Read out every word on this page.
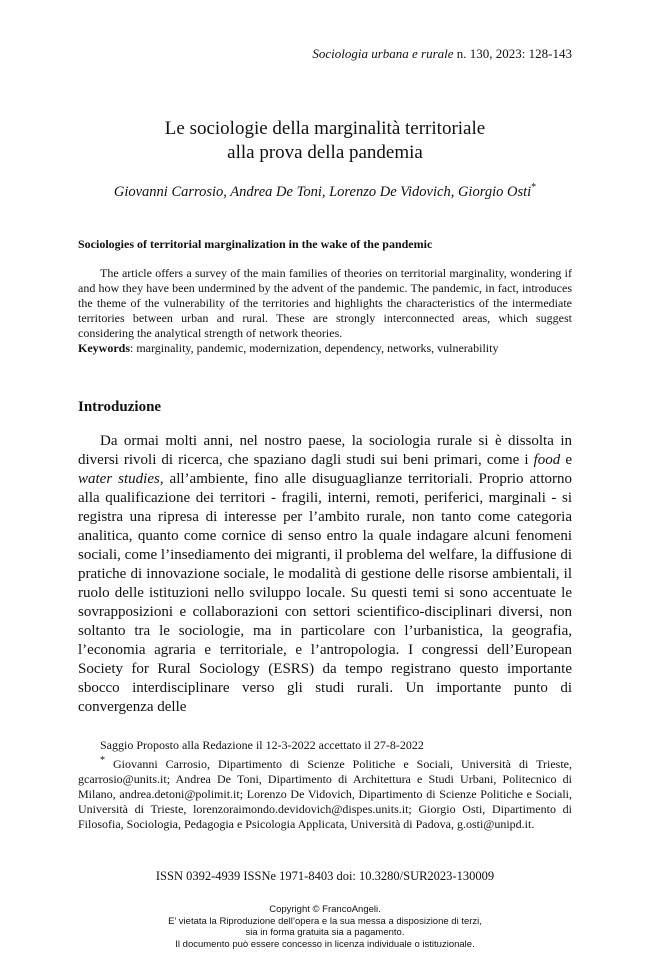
Sociologia urbana e rurale n. 130, 2023: 128-143
Le sociologie della marginalità territoriale
alla prova della pandemia
Giovanni Carrosio, Andrea De Toni, Lorenzo De Vidovich, Giorgio Osti*
Sociologies of territorial marginalization in the wake of the pandemic

The article offers a survey of the main families of theories on territorial marginality, wondering if and how they have been undermined by the advent of the pandemic. The pandemic, in fact, introduces the theme of the vulnerability of the territories and highlights the characteristics of the intermediate territories between urban and rural. These are strongly interconnected areas, which suggest considering the analytical strength of network theories.

Keywords: marginality, pandemic, modernization, dependency, networks, vulnerability

Introduzione

Da ormai molti anni, nel nostro paese, la sociologia rurale si è dissolta in diversi rivoli di ricerca, che spaziano dagli studi sui beni primari, come i food e water studies, all’ambiente, fino alle disuguaglianze territoriali. Proprio attorno alla qualificazione dei territori - fragili, interni, remoti, periferici, marginali - si registra una ripresa di interesse per l’ambito rurale, non tanto come categoria analitica, quanto come cornice di senso entro la quale indagare alcuni fenomeni sociali, come l’insediamento dei migranti, il problema del welfare, la diffusione di pratiche di innovazione sociale, le modalità di gestione delle risorse ambientali, il ruolo delle istituzioni nello sviluppo locale. Su questi temi si sono accentuate le sovrapposizioni e collaborazioni con settori scientifico-disciplinari diversi, non soltanto tra le sociologie, ma in particolare con l’urbanistica, la geografia, l’economia agraria e territoriale, e l’antropologia. I congressi dell’European Society for Rural Sociology (ESRS) da tempo registrano questo importante sbocco interdisciplinare verso gli studi rurali. Un importante punto di convergenza delle

Saggio Proposto alla Redazione il 12-3-2022 accettato il 27-8-2022

* Giovanni Carrosio, Dipartimento di Scienze Politiche e Sociali, Università di Trieste, gcarrosio@units.it; Andrea De Toni, Dipartimento di Architettura e Studi Urbani, Politecnico di Milano, andrea.detoni@polimit.it; Lorenzo De Vidovich, Dipartimento di Scienze Politiche e Sociali, Università di Trieste, lorenzoraimondo.devidovich@dispes.units.it; Giorgio Osti, Dipartimento di Filosofia, Sociologia, Pedagogia e Psicologia Applicata, Università di Padova, g.osti@unipd.it.

ISSN 0392-4939 ISSNe 1971-8403 doi: 10.3280/SUR2023-130009
Copyright © FrancoAngeli.
E’ vietata la Riproduzione dell’opera e la sua messa a disposizione di terzi,
sia in forma gratuita sia a pagamento.
Il documento può essere concesso in licenza individuale o istituzionale.
